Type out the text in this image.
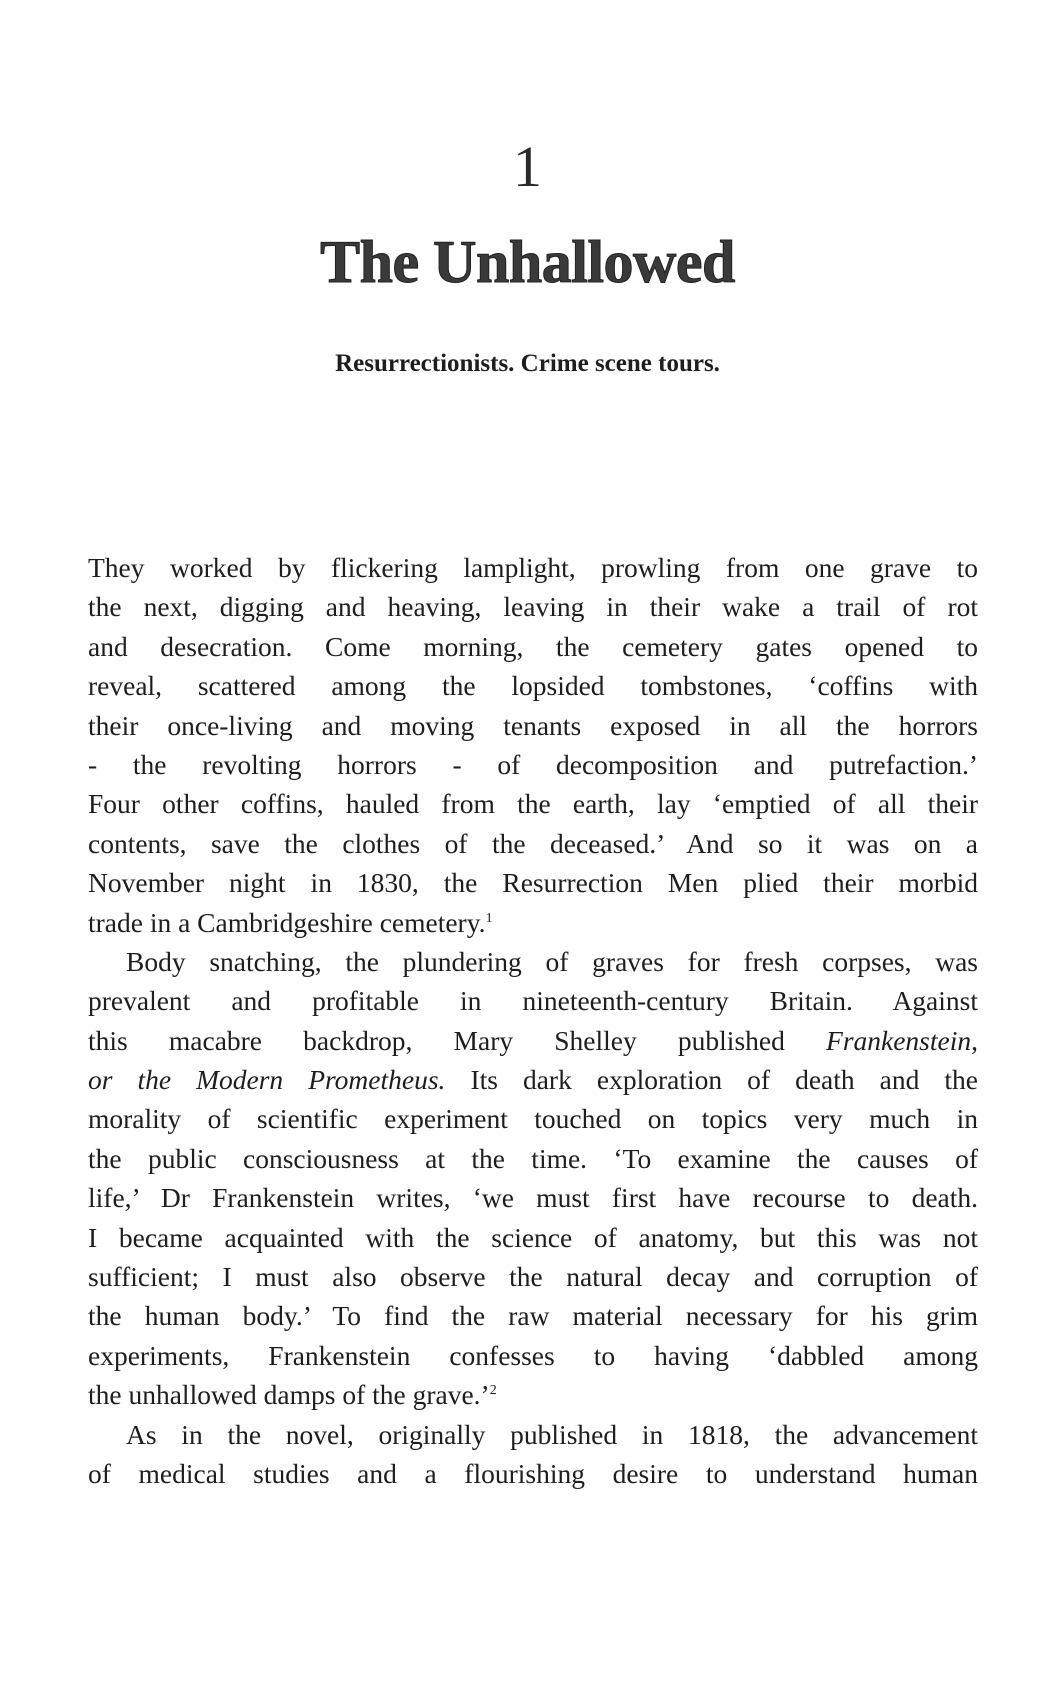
1
The Unhallowed
Resurrectionists. Crime scene tours.
They worked by flickering lamplight, prowling from one grave to
the next, digging and heaving, leaving in their wake a trail of rot
and desecration. Come morning, the cemetery gates opened to
reveal, scattered among the lopsided tombstones, ‘coffins with
their once-living and moving tenants exposed in all the horrors
- the revolting horrors - of decomposition and putrefaction.’
Four other coffins, hauled from the earth, lay ‘emptied of all their
contents, save the clothes of the deceased.’ And so it was on a
November night in 1830, the Resurrection Men plied their morbid
trade in a Cambridgeshire cemetery.$^1$
Body snatching, the plundering of graves for fresh corpses, was
prevalent and profitable in nineteenth-century Britain. Against
this macabre backdrop, Mary Shelley published Frankenstein,
or the Modern Prometheus. Its dark exploration of death and the
morality of scientific experiment touched on topics very much in
the public consciousness at the time. ‘To examine the causes of
life,’ Dr Frankenstein writes, ‘we must first have recourse to death.
I became acquainted with the science of anatomy, but this was not
sufficient; I must also observe the natural decay and corruption of
the human body.’ To find the raw material necessary for his grim
experiments, Frankenstein confesses to having ‘dabbled among
the unhallowed damps of the grave.’$^2$
As in the novel, originally published in 1818, the advancement
of medical studies and a flourishing desire to understand human
